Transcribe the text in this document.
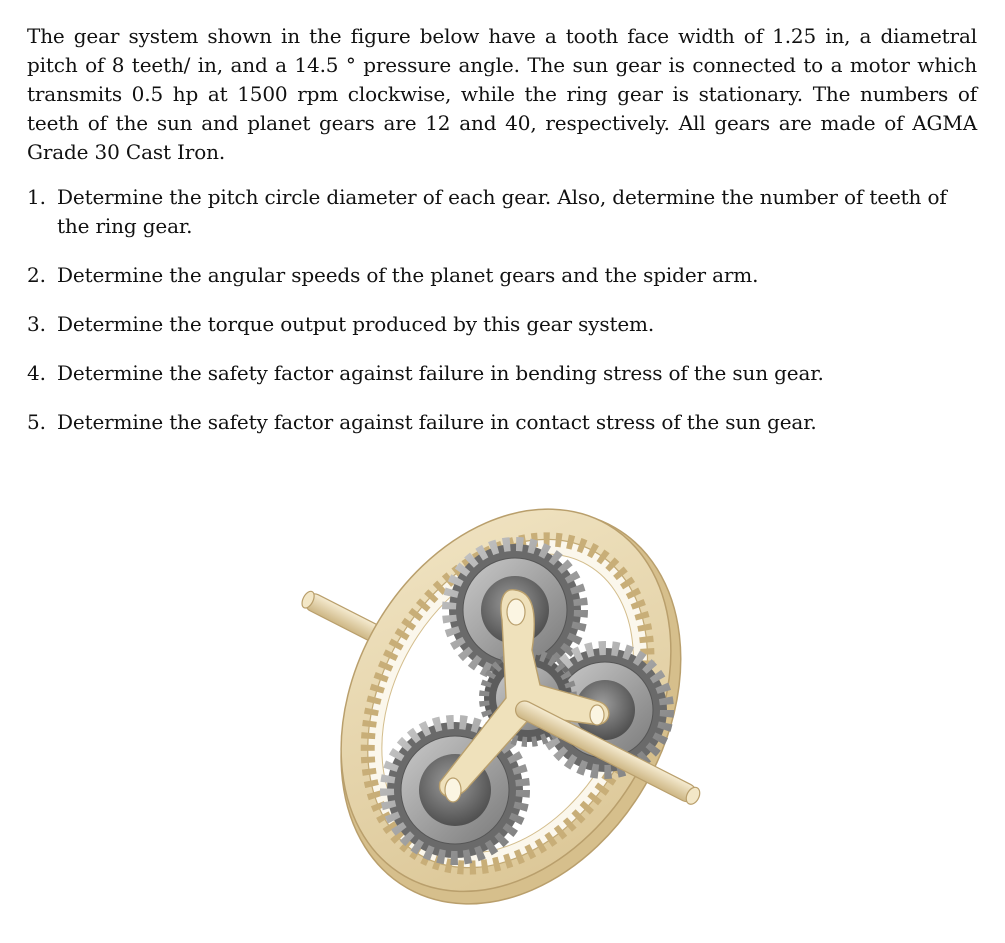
The gear system shown in the figure below have a tooth face width of 1.25 in, a diametral pitch of 8 teeth/ in, and a 14.5 ° pressure angle. The sun gear is connected to a motor which transmits 0.5 hp at 1500 rpm clockwise, while the ring gear is stationary. The numbers of teeth of the sun and planet gears are 12 and 40, respectively. All gears are made of AGMA Grade 30 Cast Iron.

1. Determine the pitch circle diameter of each gear. Also, determine the number of teeth of the ring gear.
2. Determine the angular speeds of the planet gears and the spider arm.
3. Determine the torque output produced by this gear system.
4. Determine the safety factor against failure in bending stress of the sun gear.
5. Determine the safety factor against failure in contact stress of the sun gear.
